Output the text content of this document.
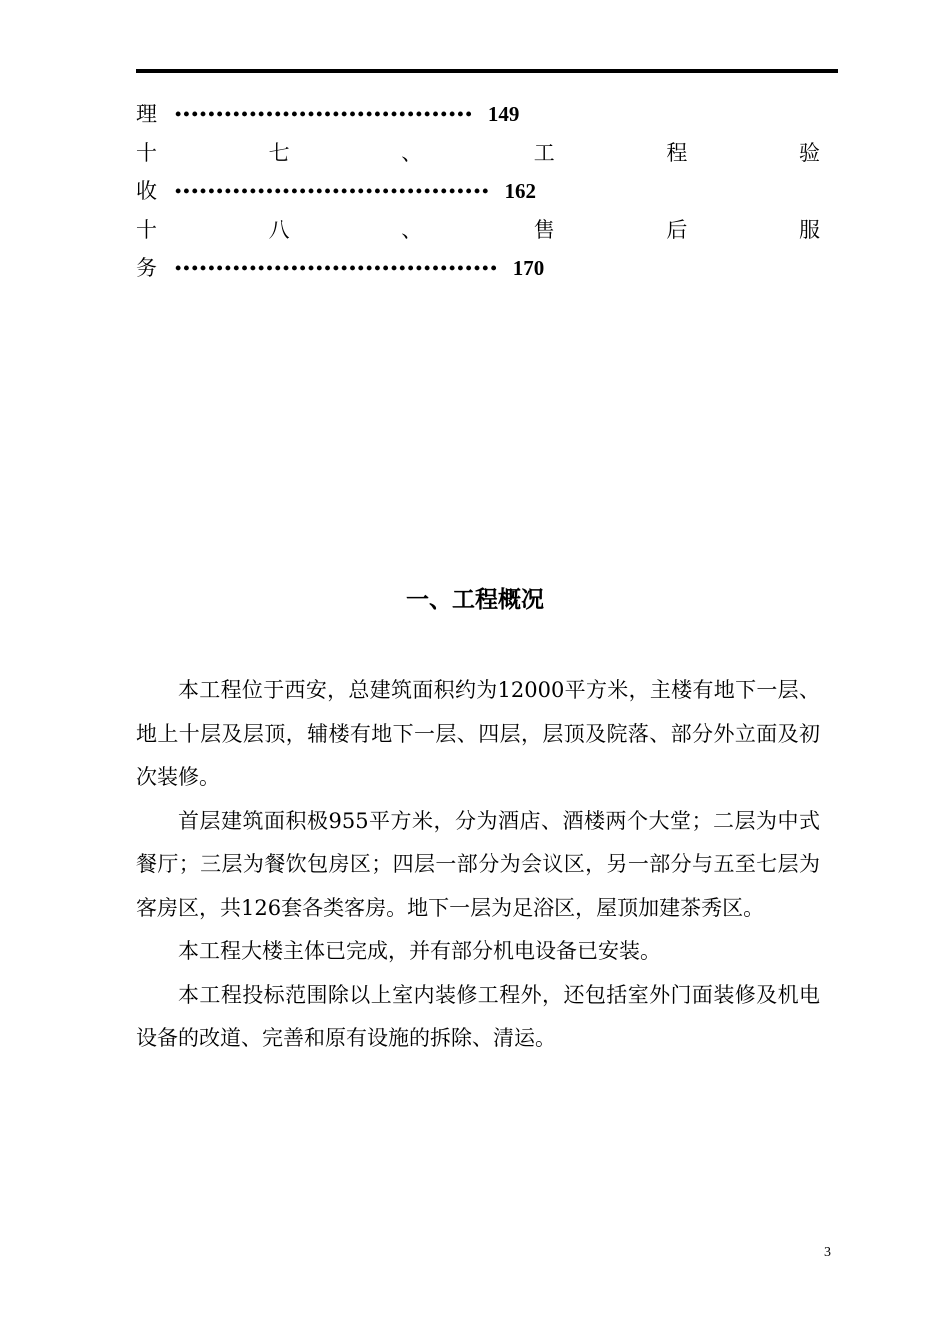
理 •••••••••••••••••••••••••••••••••••• 149
十	七	、	工	程	验
收 •••••••••••••••••••••••••••••••••••••• 162
十	八	、	售	后	服
务 ••••••••••••••••••••••••••••••••••••••• 170
一、工程概况

本工程位于西安，总建筑面积约为12000平方米，主楼有地下一层、地上十层及层顶，辅楼有地下一层、四层，层顶及院落、部分外立面及初次装修。

首层建筑面积极955平方米，分为酒店、酒楼两个大堂；二层为中式餐厅；三层为餐饮包房区；四层一部分为会议区，另一部分与五至七层为客房区，共126套各类客房。地下一层为足浴区，屋顶加建茶秀区。

本工程大楼主体已完成，并有部分机电设备已安装。

本工程投标范围除以上室内装修工程外，还包括室外门面装修及机电设备的改道、完善和原有设施的拆除、清运。

3
